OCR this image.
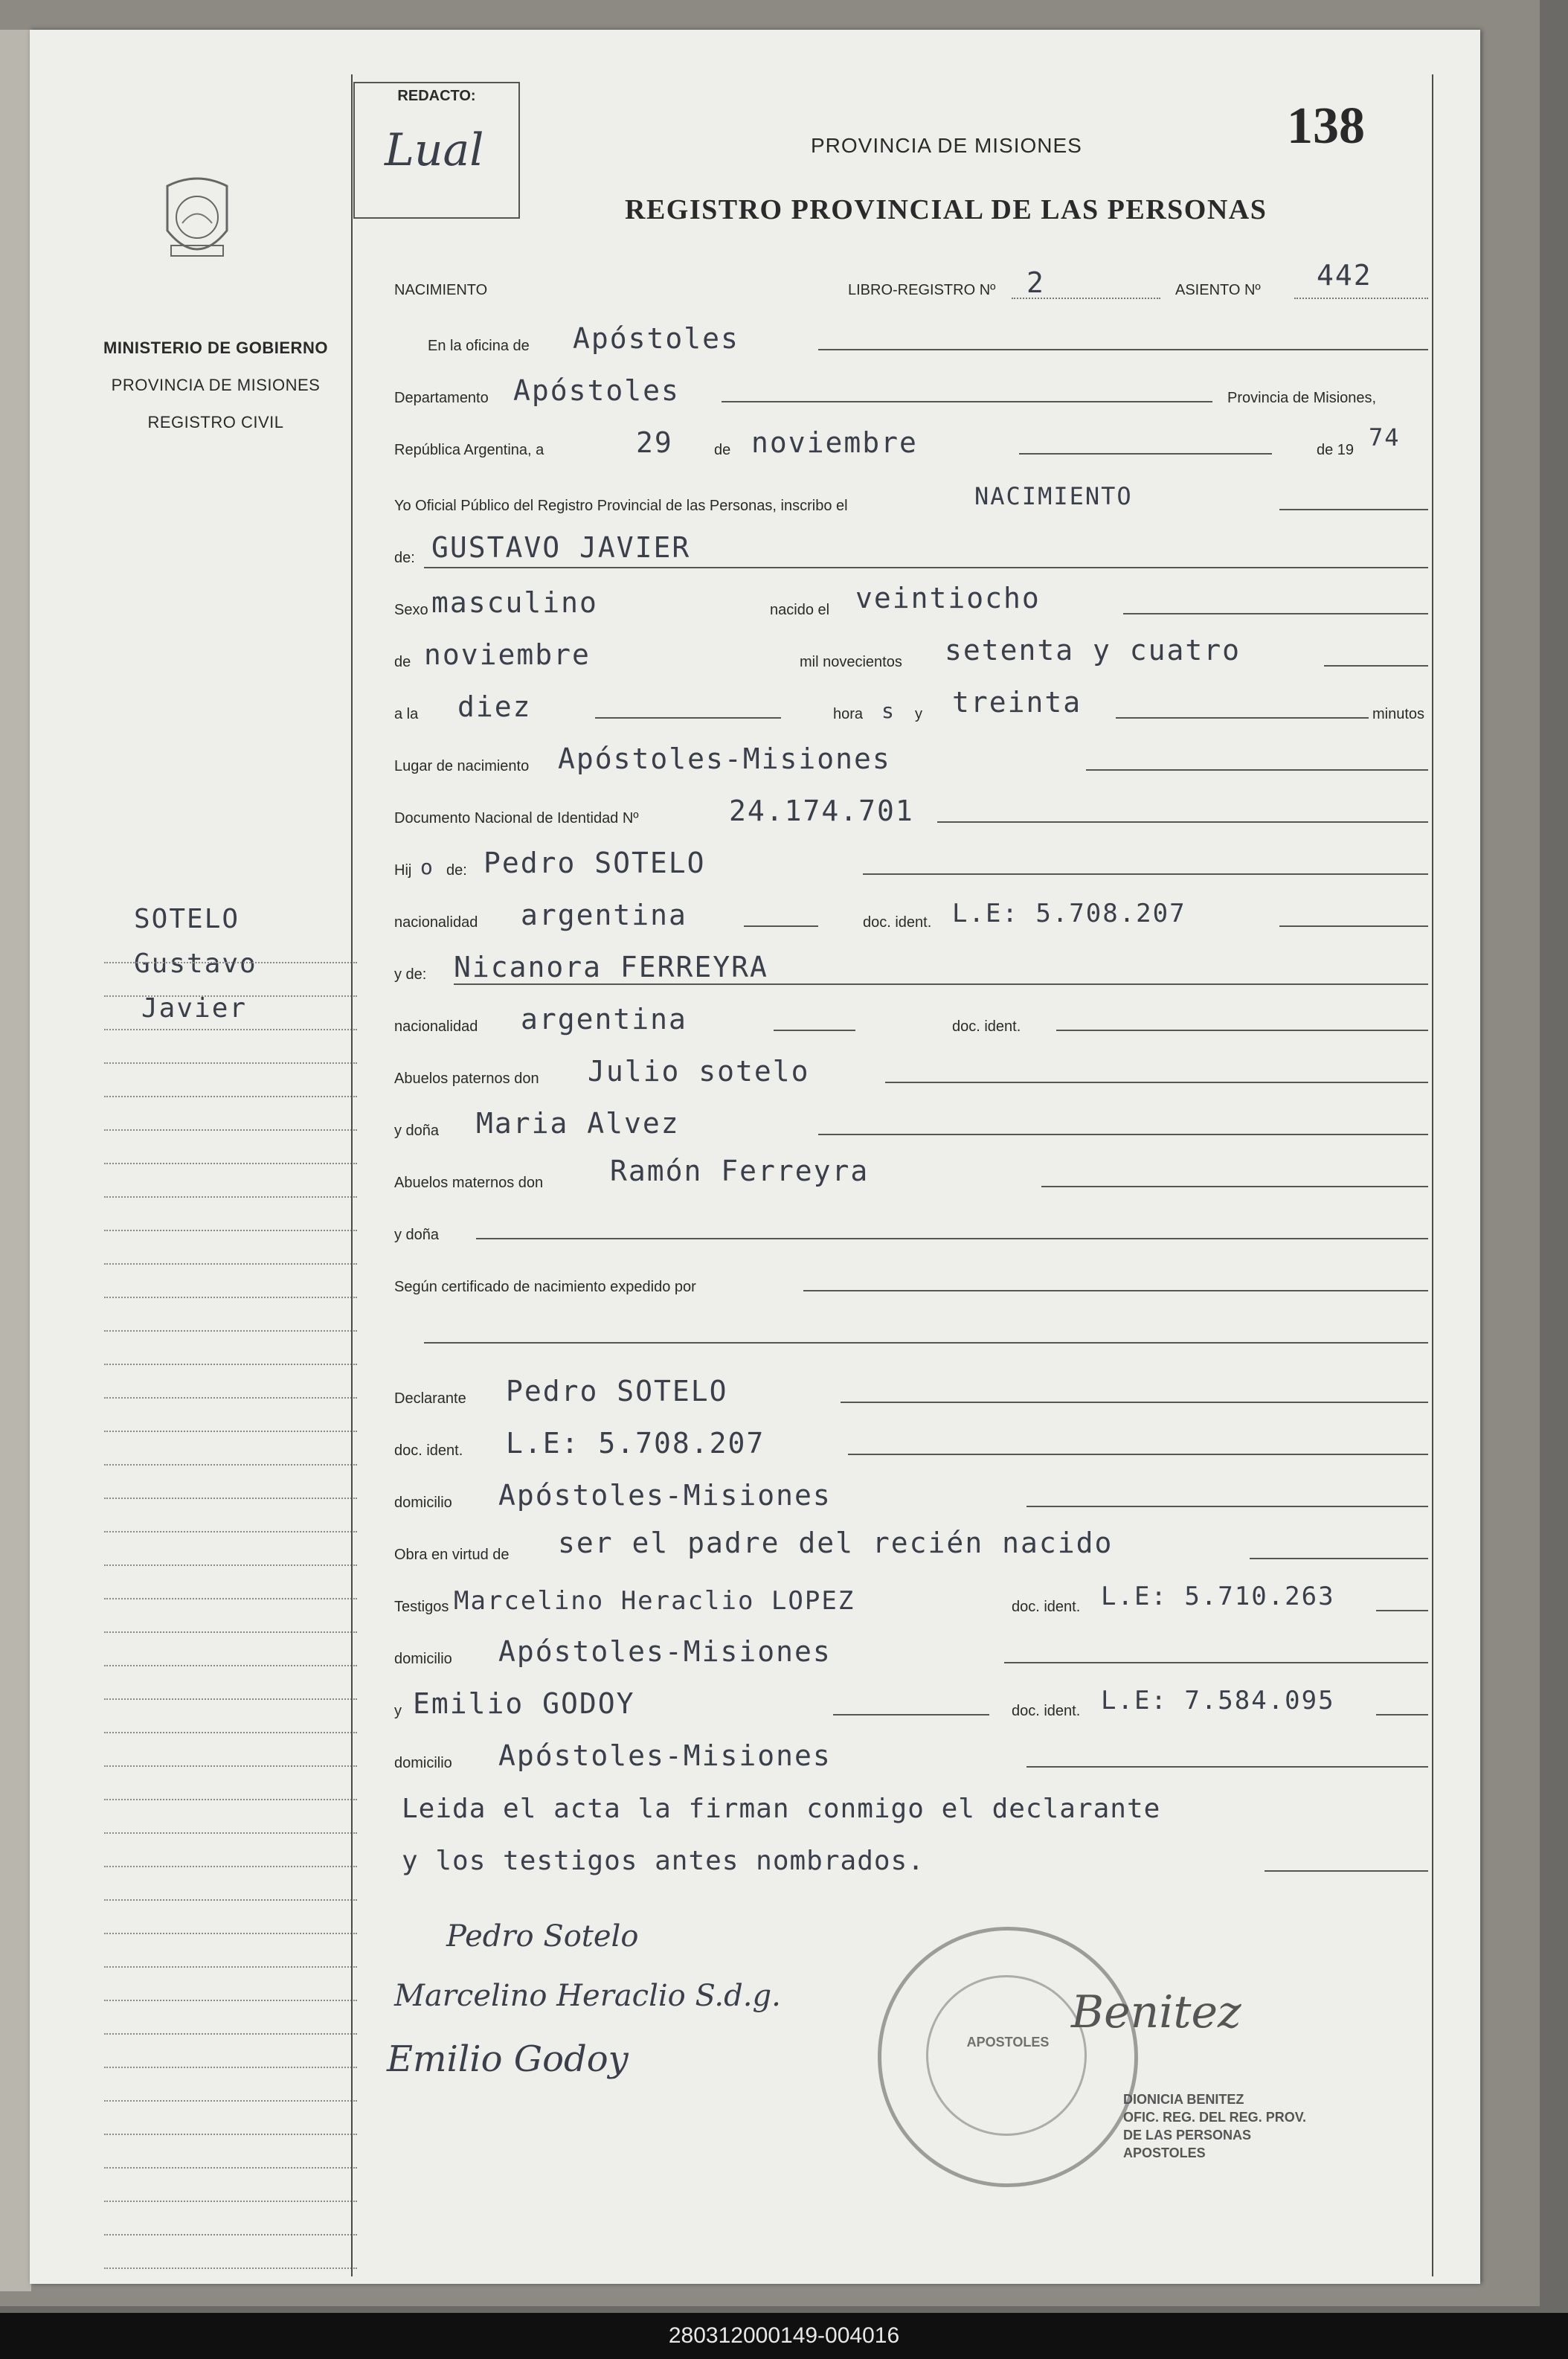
MINISTERIO DE GOBIERNO
PROVINCIA DE MISIONES
REGISTRO CIVIL
SOTELO
Gustavo
Javier
REDACTO:
Lual	PROVINCIA DE MISIONES
REGISTRO PROVINCIAL DE LAS PERSONAS
138
NACIMIENTO	LIBRO-REGISTRO Nº 2	ASIENTO Nº 442
En la oficina de Apóstoles
Departamento Apóstoles	Provincia de Misiones,
República Argentina, a	29	de noviembre	de 19 74
Yo Oficial Público del Registro Provincial de las Personas, inscribo el	NACIMIENTO
de: GUSTAVO JAVIER
Sexo masculino	nacido el veintiocho
de noviembre	mil novecientos setenta y cuatro
a la diez	hora s y treinta	minutos
Lugar de nacimiento Apóstoles-Misiones
Documento Nacional de Identidad Nº	24.174.701
Hij o de: Pedro SOTELO
nacionalidad argentina	doc. ident. L.E: 5.708.207
y de: Nicanora FERREYRA
nacionalidad argentina	doc. ident.
Abuelos paternos don Julio sotelo
y doña Maria Alvez
Abuelos maternos don Ramón Ferreyra
y doña
Según certificado de nacimiento expedido por
Declarante Pedro SOTELO
doc. ident. L.E: 5.708.207
domicilio Apóstoles-Misiones
Obra en virtud de ser el padre del recién nacido
Testigos Marcelino Heraclio LOPEZ	doc. ident. L.E: 5.710.263
domicilio Apóstoles-Misiones
y Emilio GODOY	doc. ident. L.E: 7.584.095
domicilio Apóstoles-Misiones
Leida el acta la firman conmigo el declarante
y los testigos antes nombrados.
Pedro Sotelo
Marcelino Heraclio S.d.g.
Emilio Godoy
Benitez
APOSTOLES
DIONICIA BENITEZ
OFIC. REG. DEL REG. PROV.
DE LAS PERSONAS
APOSTOLES
280312000149-004016
